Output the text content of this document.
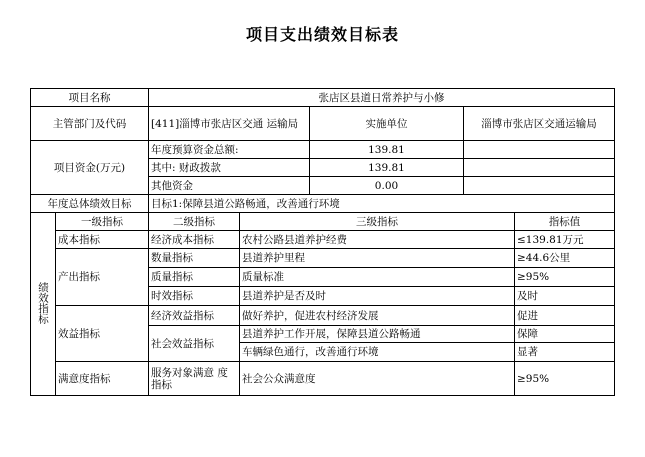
项目支出绩效目标表
项目名称		张店区县道日常养护与小修				
主管部门及代码		[411]淄博市张店区交通 运输局		实施单位	淄博市张店区交通运输局	
项目资金(万元)		年度预算资金总额:		139.81		
		其中: 财政拨款		139.81		
		其他资金		0.00		
年度总体绩效目标		目标1:保障县道公路畅通，改善通行环境				
绩效指标	一级指标	二级指标	三级指标			指标值
	成本指标	经济成本指标	农村公路县道养护经费			≤139.81万元
	产出指标	数量指标	县道养护里程			≥44.6公里
		质量指标	质量标准			≥95%
		时效指标	县道养护是否及时			及时
	效益指标	经济效益指标	做好养护，促进农村经济发展			促进
		社会效益指标	县道养护工作开展，保障县道公路畅通			保障
			车辆绿色通行，改善通行环境			显著
	满意度指标	服务对象满意 度指标	社会公众满意度			≥95%
